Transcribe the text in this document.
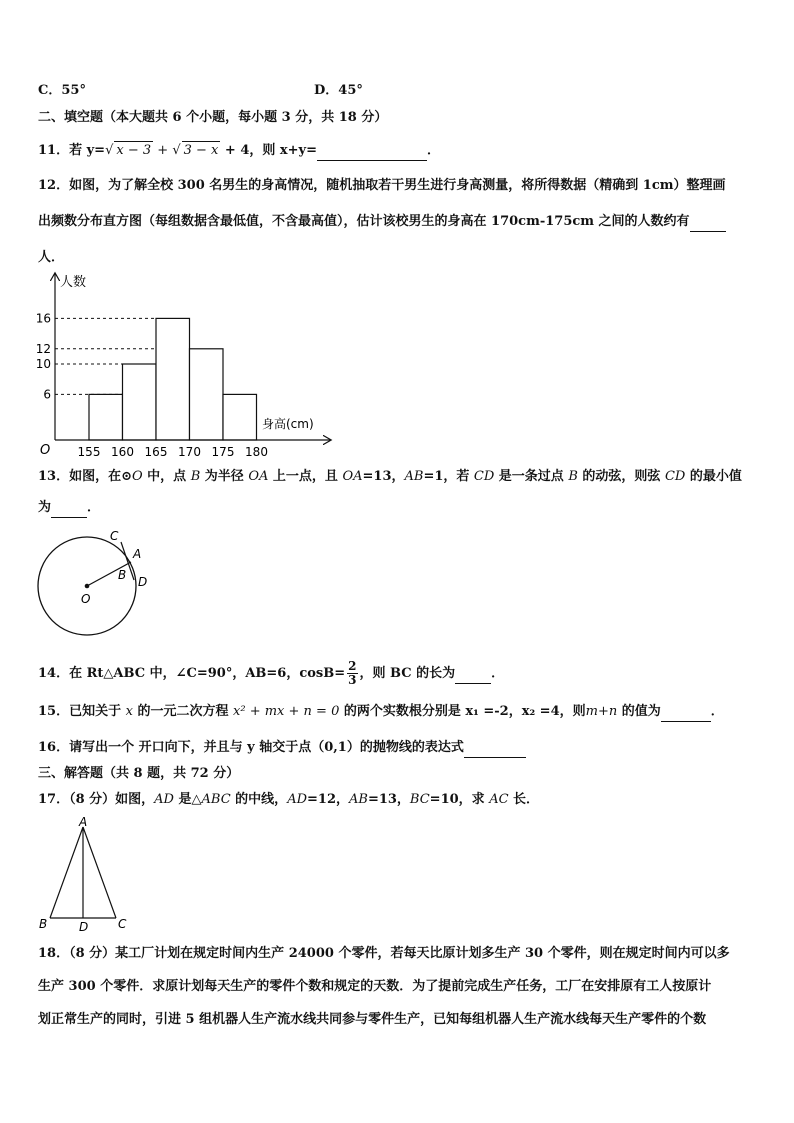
C．55°	D．45°
二、填空题（本大题共 6 个小题，每小题 3 分，共 18 分）
11．若 y=√ x − 3 + √ 3 − x + 4，则 x+y=	．
12．如图，为了解全校 300 名男生的身高情况，随机抽取若干男生进行身高测量，将所得数据（精确到 1cm）整理画
出频数分布直方图（每组数据含最低值，不含最高值），估计该校男生的身高在 170cm-175cm 之间的人数约有
人．
人数
身高(cm)
O
6
10
12
16
155 160 165 170 175 180
13．如图，在⊙O 中，点 B 为半径 OA 上一点，且 OA=13，AB=1，若 CD 是一条过点 B 的动弦，则弦 CD 的最小值
为	．
C
A
B D
O
14．在 Rt△ABC 中，∠C=90°，AB=6，$\cos B= \frac{2}{3}$ ，则 BC 的长为	．
15．已知关于 x 的一元二次方程 x² + mx + n = 0 的两个实数根分别是 x₁ =-2，x₂ =4，则m+n 的值为	．
16．请写出一个 开口向下，并且与 y 轴交于点（0,1）的抛物线的表达式
三、解答题（共 8 题，共 72 分）
17．（8 分）如图，AD 是△ABC 的中线，AD=12，AB=13，BC=10，求 AC 长．
A
B	D C
18．（8 分）某工厂计划在规定时间内生产 24000 个零件，若每天比原计划多生产 30 个零件，则在规定时间内可以多
生产 300 个零件．求原计划每天生产的零件个数和规定的天数．为了提前完成生产任务，工厂在安排原有工人按原计
划正常生产的同时，引进 5 组机器人生产流水线共同参与零件生产，已知每组机器人生产流水线每天生产零件的个数
